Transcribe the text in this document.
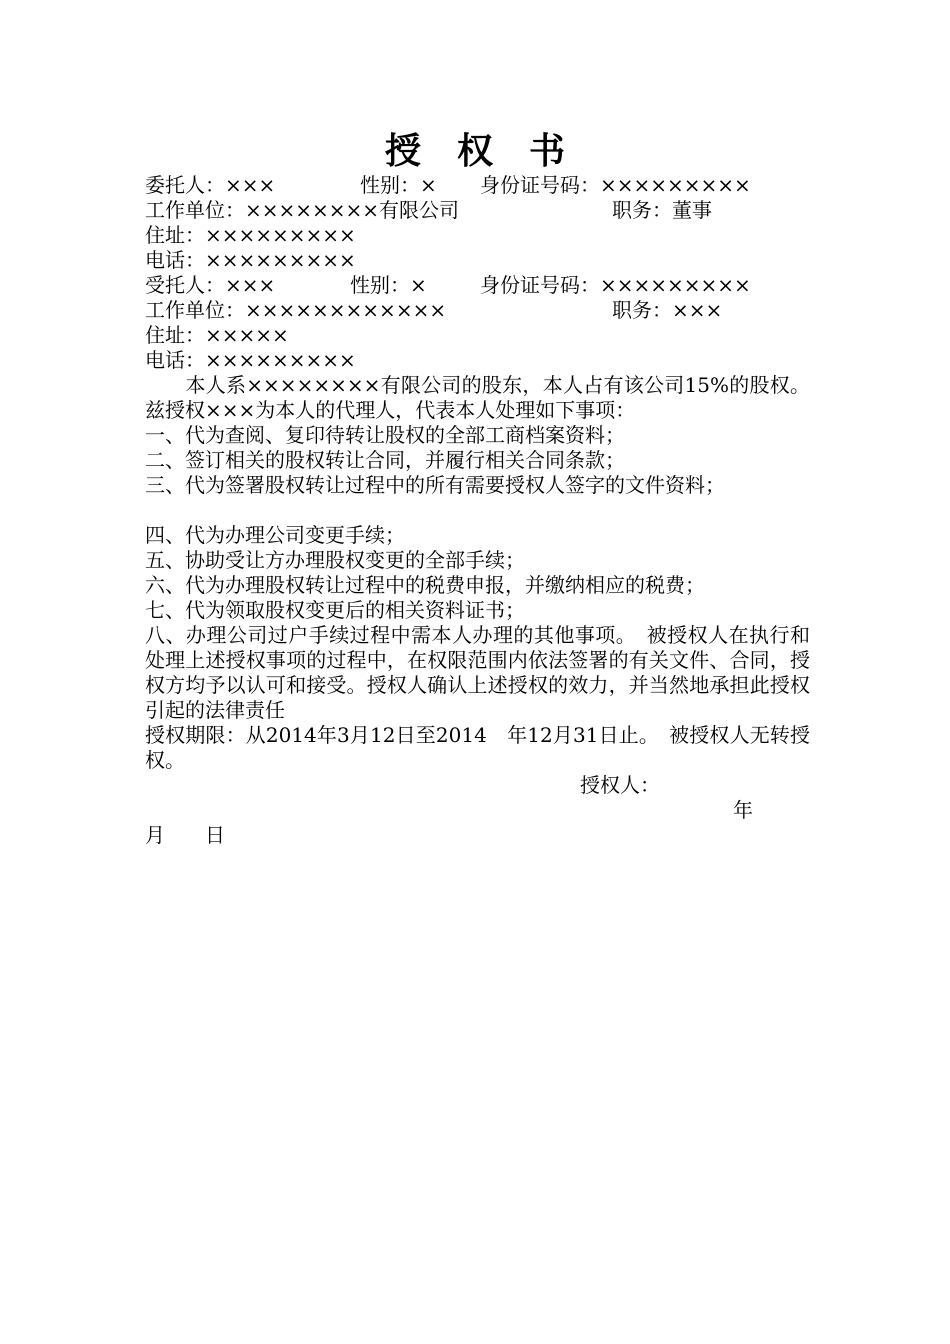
授　权　书
委托人：×××	性别：× 身份证号码：×××××××××
工作单位：××××××××有限公司	职务：董事
住址：×××××××××
电话：×××××××××
受托人：×××	性别：×	身份证号码：×××××××××
工作单位：××××××××××××	职务：×××
住址：×××××
电话：×××××××××
　　本人系××××××××有限公司的股东，本人占有该公司15%的股权。兹授权×××为本人的代理人，代表本人处理如下事项：
一、代为查阅、复印待转让股权的全部工商档案资料；
二、签订相关的股权转让合同，并履行相关合同条款；
三、代为签署股权转让过程中的所有需要授权人签字的文件资料；
四、代为办理公司变更手续；
五、协助受让方办理股权变更的全部手续；
六、代为办理股权转让过程中的税费申报，并缴纳相应的税费；
七、代为领取股权变更后的相关资料证书；
八、办理公司过户手续过程中需本人办理的其他事项。　被授权人在执行和处理上述授权事项的过程中，在权限范围内依法签署的有关文件、合同，授权方均予以认可和接受。授权人确认上述授权的效力，并当然地承担此授权引起的法律责任
授权期限：从2014年3月12日至2014　年12月31日止。　被授权人无转授权。
授权人：
年
月　　日
